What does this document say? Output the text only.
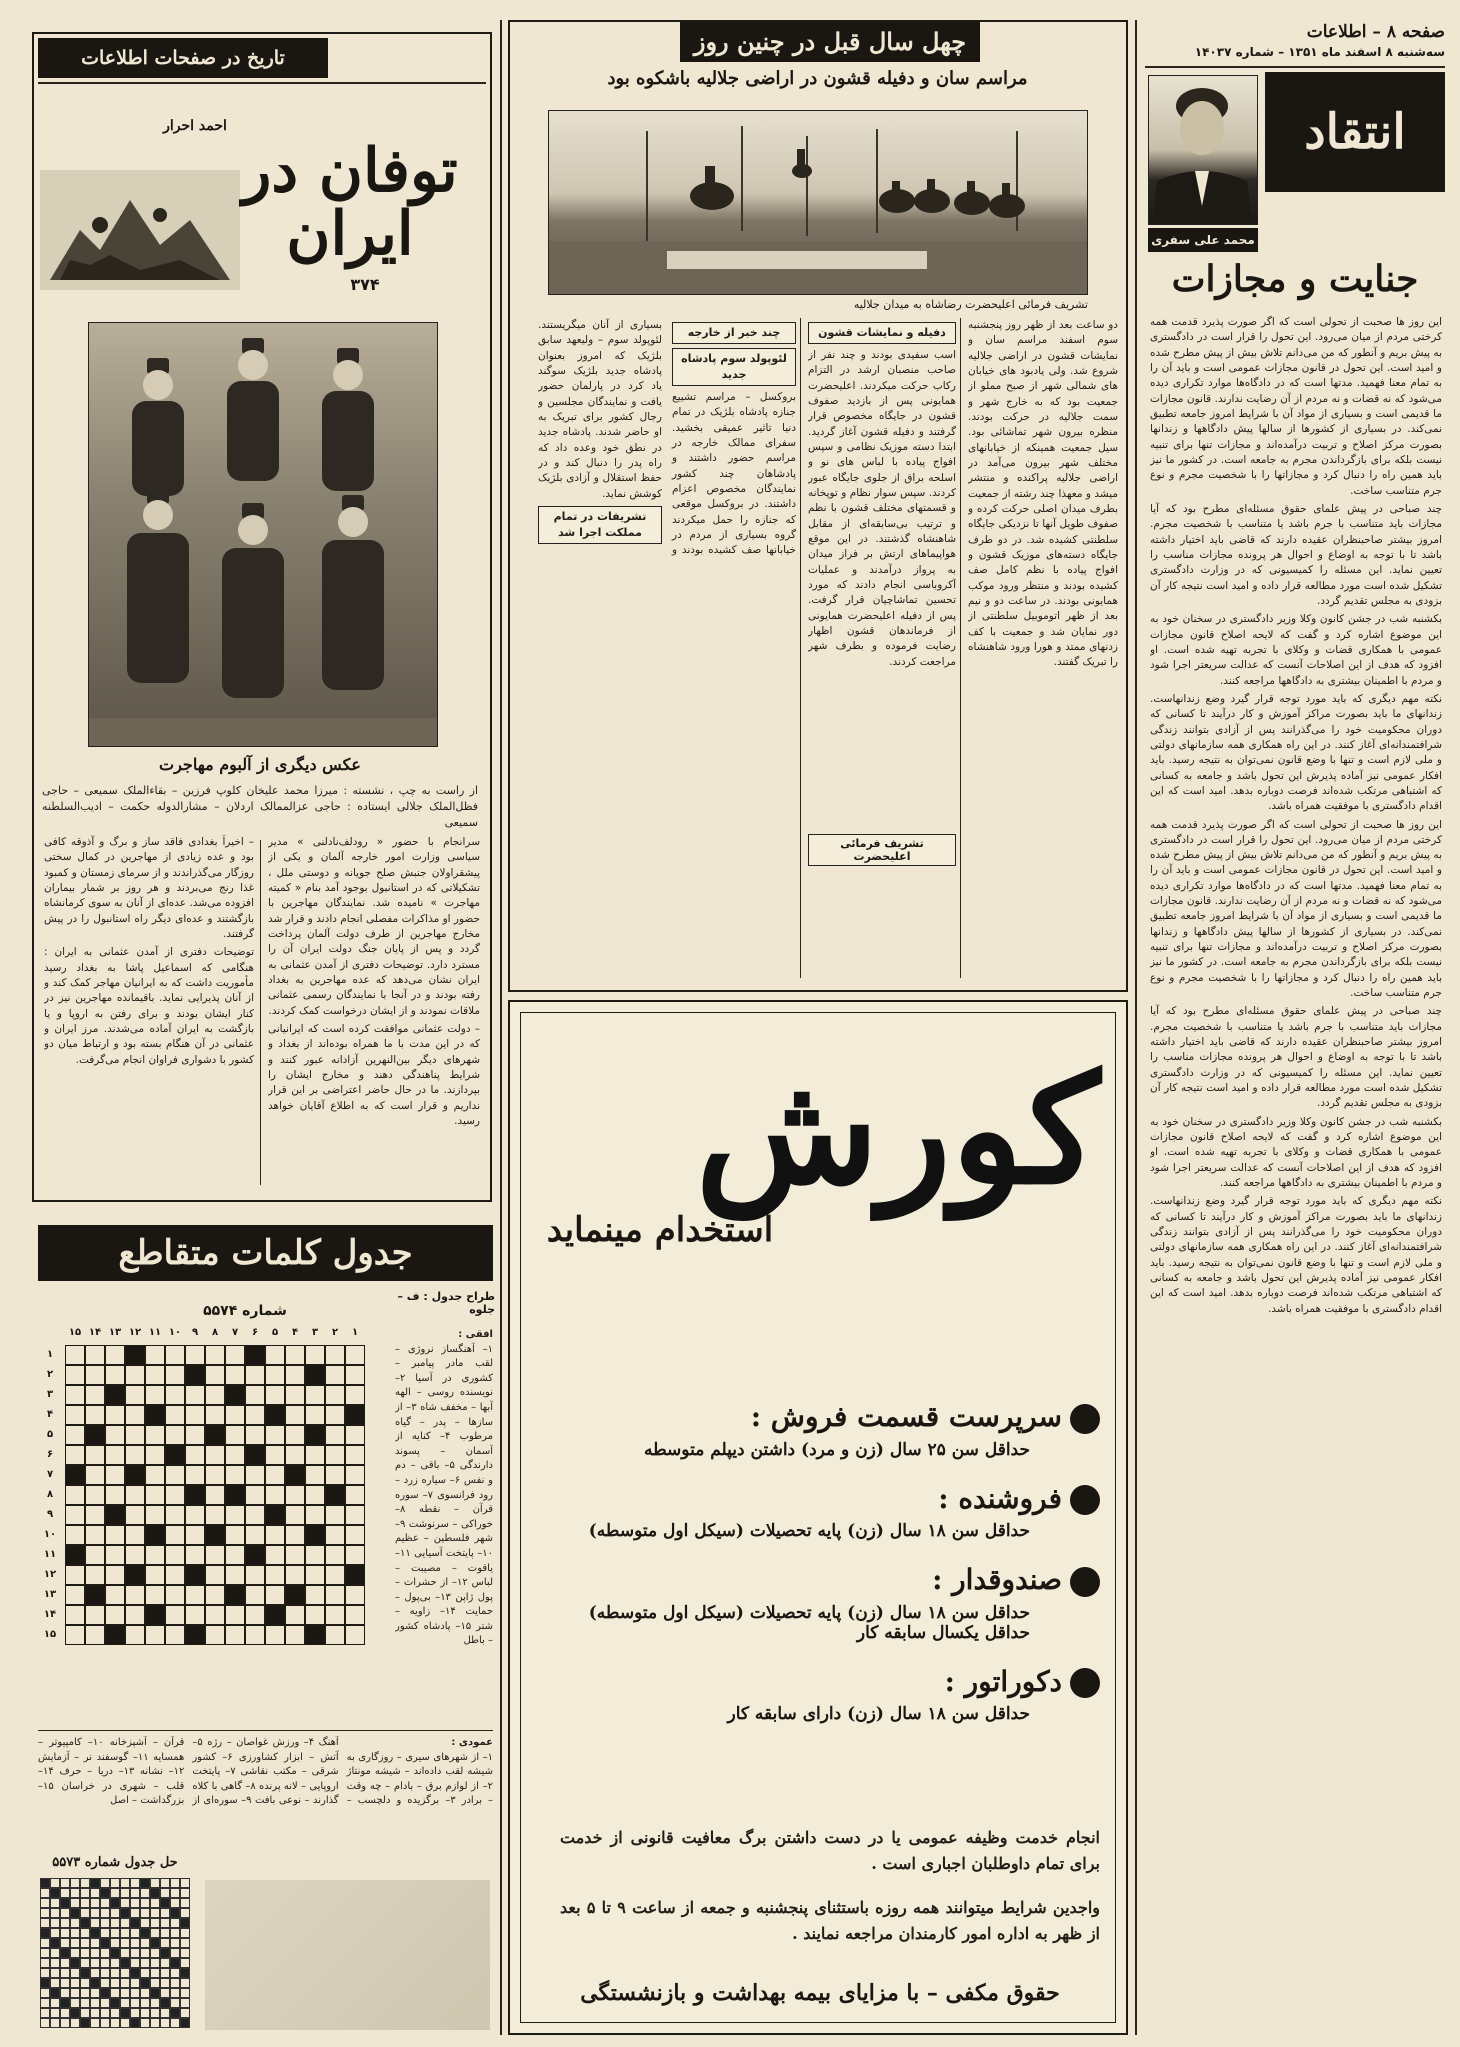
تاریخ در صفحات اطلاعات
احمد احرار
توفان در ایران
۳۷۴
عکس دیگری از آلبوم مهاجرت
از راست به چپ ، نشسته : میرزا محمد علیخان کلوپ فرزین – بقاءالملک سمیعی – حاجی فظل‌الملک جلالی ایستاده : حاجی عزالممالک اردلان – مشارالدوله حکمت – ادیب‌السلطنه سمیعی

سرانجام با حضور « رودلف‌نادلنی » مدیر سیاسی وزارت امور خارجه آلمان و یکی از پیشقراولان جنبش صلح جویانه و دوستی ملل ، تشکیلاتی که در استانبول بوجود آمد بنام « کمیته مهاجرت » نامیده شد. نمایندگان مهاجرین با حضور او مذاکرات مفصلی انجام دادند و قرار شد مخارج مهاجرین از طرف دولت آلمان پرداخت گردد و پس از پایان جنگ دولت ایران آن را مسترد دارد. توضیحات دفتری از آمدن عثمانی به ایران نشان می‌دهد که عده مهاجرین به بغداد رفته بودند و در آنجا با نمایندگان رسمی عثمانی ملاقات نمودند و از ایشان درخواست کمک کردند.

– دولت عثمانی موافقت کرده است که ایرانیانی که در این مدت با ما همراه بوده‌اند از بغداد و شهرهای دیگر بین‌النهرین آزادانه عبور کنند و شرایط پناهندگی دهند و مخارج ایشان را بپردازند. ما در حال حاضر اعتراضی بر این قرار نداریم و قرار است که به اطلاع آقایان خواهد رسید.

– اخیراً بغدادی فاقد ساز و برگ و آذوقه کافی بود و عده زیادی از مهاجرین در کمال سختی روزگار می‌گذراندند و از سرمای زمستان و کمبود غذا رنج می‌بردند و هر روز بر شمار بیماران افزوده می‌شد. عده‌ای از آنان به سوی کرمانشاه بازگشتند و عده‌ای دیگر راه استانبول را در پیش گرفتند.

توضیحات دفتری از آمدن عثمانی به ایران : هنگامی که اسماعیل پاشا به بغداد رسید مأموریت داشت که به ایرانیان مهاجر کمک کند و از آنان پذیرایی نماید. باقیمانده مهاجرین نیز در کنار ایشان بودند و برای رفتن به اروپا و یا بازگشت به ایران آماده می‌شدند. مرز ایران و عثمانی در آن هنگام بسته بود و ارتباط میان دو کشور با دشواری فراوان انجام می‌گرفت.

جدول کلمات متقاطع
طراح جدول : ف – جلوه
شماره ۵۵۷۴
۱
۲
۳
۴
۵
۶
۷
۸
۹
۱۰
۱۱
۱۲
۱۳
۱۴
۱۵
۱
۲
۳
۴
۵
۶
۷
۸
۹
۱۰
۱۱
۱۲
۱۳
۱۴
۱۵
افقی :
۱– آهنگساز نروژی – لقب مادر پیامبر – کشوری در آسیا ۲– نویسنده روسی – الهه آبها – مخفف شاه ۳– از سازها – پدر – گیاه مرطوب ۴– کنایه از آسمان – پسوند دارندگی ۵– باقی – دم و نفس ۶– سیاره زرد – رود فرانسوی ۷– سوره قرآن – نقطه ۸– خوراکی – سرنوشت ۹– شهر فلسطین – عظیم ۱۰– پایتخت آسیایی ۱۱– یاقوت – مصیبت – لباس ۱۲– از حشرات – پول ژاپن ۱۳– بی‌پول – حمایت ۱۴– زاویه – شتر ۱۵– پادشاه کشور – باطل
عمودی :
۱– از شهرهای سیری – روزگاری به شیشه لقب داده‌اند – شیشه مونتاژ ۲– از لوازم برق – بادام – چه وقت – برادر ۳– برگزیده و دلچسب – آهنگ ۴– ورزش غواصان – رژه ۵– آتش – ابزار کشاورزی ۶– کشور شرقی – مکتب نقاشی ۷– پایتخت اروپایی – لانه پرنده ۸– گاهی با کلاه گذارند – نوعی بافت ۹– سوره‌ای از قرآن – آشپزخانه ۱۰– کامپیوتر – همسایه ۱۱– گوسفند نر – آزمایش ۱۲– نشانه ۱۳– دریا – حرف ۱۴– قلب – شهری در خراسان ۱۵– بزرگداشت – اصل
حل جدول شماره ۵۵۷۳
چهل سال قبل در چنین روز
مراسم سان و دفیله قشون در اراضی جلالیه باشکوه بود
تشریف فرمائی اعلیحضرت رضاشاه به میدان جلالیه

دو ساعت بعد از ظهر روز پنجشنبه سوم اسفند مراسم سان و نمایشات قشون در اراضی جلالیه شروع شد. ولی یادبود های خیابان های شمالی شهر از صبح مملو از جمعیت بود که به خارج شهر و سمت جلالیه در حرکت بودند. منظره بیرون شهر تماشائی بود. سیل جمعیت همینکه از خیابانهای مختلف شهر بیرون می‌آمد در اراضی جلالیه پراکنده و منتشر میشد و معهذا چند رشته از جمعیت بطرف میدان اصلی حرکت کرده و صفوف طویل آنها تا نزدیکی جایگاه سلطنتی کشیده شد. در دو طرف جایگاه دسته‌های موزیک قشون و افواج پیاده با نظم کامل صف کشیده بودند و منتظر ورود موکب همایونی بودند. در ساعت دو و نیم بعد از ظهر اتوموبیل سلطنتی از دور نمایان شد و جمعیت با کف زدنهای ممتد و هورا ورود شاهنشاه را تبریک گفتند.

دفیله و نمایشات قشون

اسب سفیدی بودند و چند نفر از صاحب منصبان ارشد در التزام رکاب حرکت میکردند. اعلیحضرت همایونی پس از بازدید صفوف قشون در جایگاه مخصوص قرار گرفتند و دفیله قشون آغاز گردید. ابتدا دسته موزیک نظامی و سپس افواج پیاده با لباس های نو و اسلحه براق از جلوی جایگاه عبور کردند. سپس سوار نظام و توپخانه و قسمتهای مختلف قشون با نظم و ترتیب بی‌سابقه‌ای از مقابل شاهنشاه گذشتند. در این موقع هواپیماهای ارتش بر فراز میدان به پرواز درآمدند و عملیات آکروباسی انجام دادند که مورد تحسین تماشاچیان قرار گرفت. پس از دفیله اعلیحضرت همایونی از فرماندهان قشون اظهار رضایت فرموده و بطرف شهر مراجعت کردند.

تشریف فرمائی اعلیحضرت
چند خبر از خارجه
لئوپولد سوم پادشاه جدید

بروکسل – مراسم تشییع جنازه پادشاه بلژیک در تمام دنیا تاثیر عمیقی بخشید. سفرای ممالک خارجه در مراسم حضور داشتند و پادشاهان چند کشور نمایندگان مخصوص اعزام داشتند. در بروکسل موقعی که جنازه را حمل میکردند گروه بسیاری از مردم در خیابانها صف کشیده بودند و بسیاری از آنان میگریستند. لئوپولد سوم – ولیعهد سابق بلژیک که امروز بعنوان پادشاه جدید بلژیک سوگند یاد کرد در پارلمان حضور یافت و نمایندگان مجلسین و رجال کشور برای تبریک به او حاضر شدند. پادشاه جدید در نطق خود وعده داد که راه پدر را دنبال کند و در حفظ استقلال و آزادی بلژیک کوشش نماید.

تشریفات در تمام مملکت اجرا شد
کورش
استخدام مینماید
سرپرست قسمت فروش :
حداقل سن ۲۵ سال (زن و مرد) داشتن دیپلم متوسطه
فروشنده :
حداقل سن ۱۸ سال (زن) پایه تحصیلات (سیکل اول متوسطه)
صندوقدار :
حداقل سن ۱۸ سال (زن) پایه تحصیلات (سیکل اول متوسطه) حداقل یکسال سابقه کار
دکوراتور :
حداقل سن ۱۸ سال (زن) دارای سابقه کار
انجام خدمت وظیفه عمومی یا در دست داشتن برگ معافیت قانونی از خدمت برای تمام داوطلبان اجباری است .
واجدین شرایط میتوانند همه روزه باستثنای پنجشنبه و جمعه از ساعت ۹ تا ۵ بعد از ظهر به اداره امور کارمندان مراجعه نمایند .
حقوق مکفی – با مزایای بیمه بهداشت و بازنشستگی
صفحه ۸ – اطلاعات
سه‌شنبه ۸ اسفند ماه ۱۳۵۱ – شماره ۱۴۰۳۷
انتقاد
محمد علی سفری
جنایت و مجازات

این روز ها صحبت از تحولی است که اگر صورت پذیرد قدمت همه کرختی مردم از میان می‌رود. این تحول را قرار است در دادگستری به پیش بریم و آنطور که من می‌دانم تلاش بیش از پیش مطرح شده و امید است. این تحول در قانون مجازات عمومی است و باید آن را به تمام معنا فهمید. مدتها است که در دادگاه‌ها موارد تکراری دیده می‌شود که نه قضات و نه مردم از آن رضایت ندارند. قانون مجازات ما قدیمی است و بسیاری از مواد آن با شرایط امروز جامعه تطبیق نمی‌کند. در بسیاری از کشورها از سالها پیش دادگاهها و زندانها بصورت مرکز اصلاح و تربیت درآمده‌اند و مجازات تنها برای تنبیه نیست بلکه برای بازگرداندن مجرم به جامعه است. در کشور ما نیز باید همین راه را دنبال کرد و مجازاتها را با شخصیت مجرم و نوع جرم متناسب ساخت.

چند صباحی در پیش علمای حقوق مسئله‌ای مطرح بود که آیا مجازات باید متناسب با جرم باشد یا متناسب با شخصیت مجرم. امروز بیشتر صاحبنظران عقیده دارند که قاضی باید اختیار داشته باشد تا با توجه به اوضاع و احوال هر پرونده مجازات مناسب را تعیین نماید. این مسئله را کمیسیونی که در وزارت دادگستری تشکیل شده است مورد مطالعه قرار داده و امید است نتیجه کار آن بزودی به مجلس تقدیم گردد.

بکشنبه شب در جشن کانون وکلا وزیر دادگستری در سخنان خود به این موضوع اشاره کرد و گفت که لایحه اصلاح قانون مجازات عمومی با همکاری قضات و وکلای با تجربه تهیه شده است. او افزود که هدف از این اصلاحات آنست که عدالت سریعتر اجرا شود و مردم با اطمینان بیشتری به دادگاهها مراجعه کنند.

نکته مهم دیگری که باید مورد توجه قرار گیرد وضع زندانهاست. زندانهای ما باید بصورت مراکز آموزش و کار درآیند تا کسانی که دوران محکومیت خود را می‌گذرانند پس از آزادی بتوانند زندگی شرافتمندانه‌ای آغاز کنند. در این راه همکاری همه سازمانهای دولتی و ملی لازم است و تنها با وضع قانون نمی‌توان به نتیجه رسید. باید افکار عمومی نیز آماده پذیرش این تحول باشد و جامعه به کسانی که اشتباهی مرتکب شده‌اند فرصت دوباره بدهد. امید است که این اقدام دادگستری با موفقیت همراه باشد.

این روز ها صحبت از تحولی است که اگر صورت پذیرد قدمت همه کرختی مردم از میان می‌رود. این تحول را قرار است در دادگستری به پیش بریم و آنطور که من می‌دانم تلاش بیش از پیش مطرح شده و امید است. این تحول در قانون مجازات عمومی است و باید آن را به تمام معنا فهمید. مدتها است که در دادگاه‌ها موارد تکراری دیده می‌شود که نه قضات و نه مردم از آن رضایت ندارند. قانون مجازات ما قدیمی است و بسیاری از مواد آن با شرایط امروز جامعه تطبیق نمی‌کند. در بسیاری از کشورها از سالها پیش دادگاهها و زندانها بصورت مرکز اصلاح و تربیت درآمده‌اند و مجازات تنها برای تنبیه نیست بلکه برای بازگرداندن مجرم به جامعه است. در کشور ما نیز باید همین راه را دنبال کرد و مجازاتها را با شخصیت مجرم و نوع جرم متناسب ساخت.

چند صباحی در پیش علمای حقوق مسئله‌ای مطرح بود که آیا مجازات باید متناسب با جرم باشد یا متناسب با شخصیت مجرم. امروز بیشتر صاحبنظران عقیده دارند که قاضی باید اختیار داشته باشد تا با توجه به اوضاع و احوال هر پرونده مجازات مناسب را تعیین نماید. این مسئله را کمیسیونی که در وزارت دادگستری تشکیل شده است مورد مطالعه قرار داده و امید است نتیجه کار آن بزودی به مجلس تقدیم گردد.

بکشنبه شب در جشن کانون وکلا وزیر دادگستری در سخنان خود به این موضوع اشاره کرد و گفت که لایحه اصلاح قانون مجازات عمومی با همکاری قضات و وکلای با تجربه تهیه شده است. او افزود که هدف از این اصلاحات آنست که عدالت سریعتر اجرا شود و مردم با اطمینان بیشتری به دادگاهها مراجعه کنند.

نکته مهم دیگری که باید مورد توجه قرار گیرد وضع زندانهاست. زندانهای ما باید بصورت مراکز آموزش و کار درآیند تا کسانی که دوران محکومیت خود را می‌گذرانند پس از آزادی بتوانند زندگی شرافتمندانه‌ای آغاز کنند. در این راه همکاری همه سازمانهای دولتی و ملی لازم است و تنها با وضع قانون نمی‌توان به نتیجه رسید. باید افکار عمومی نیز آماده پذیرش این تحول باشد و جامعه به کسانی که اشتباهی مرتکب شده‌اند فرصت دوباره بدهد. امید است که این اقدام دادگستری با موفقیت همراه باشد.
